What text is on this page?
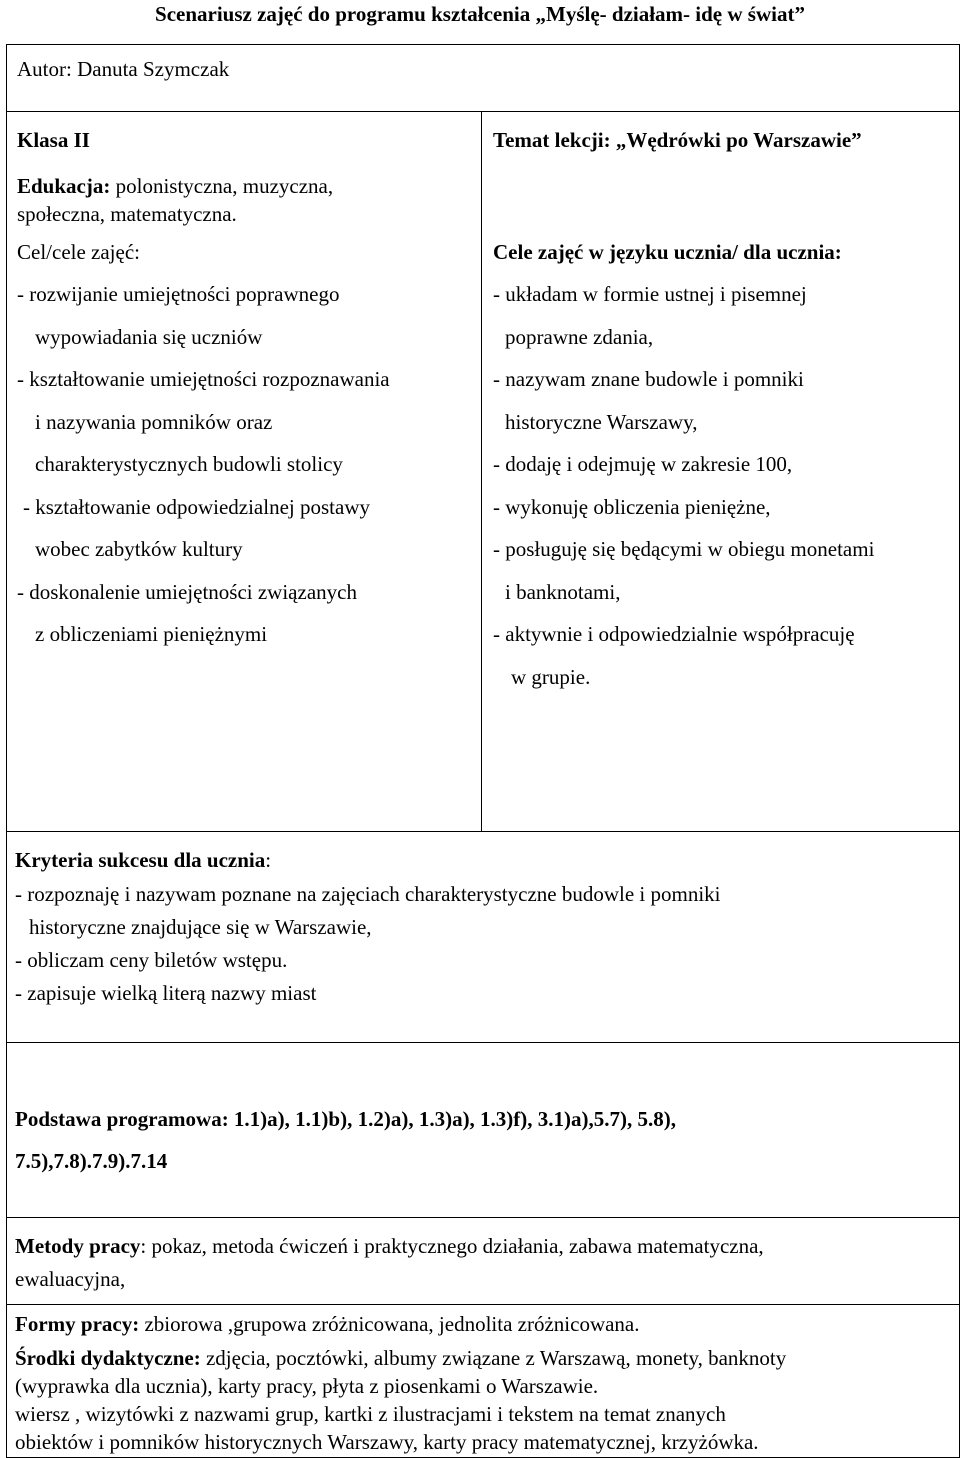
Scenariusz zajęć do programu kształcenia „Myślę- działam- idę w świat”
Autor: Danuta Szymczak
Klasa II
Edukacja: polonistyczna, muzyczna,
społeczna, matematyczna.
Cel/cele zajęć:
- rozwijanie umiejętności poprawnego
wypowiadania się uczniów
- kształtowanie umiejętności rozpoznawania
i nazywania pomników oraz
charakterystycznych budowli stolicy
- kształtowanie odpowiedzialnej postawy
wobec zabytków kultury
- doskonalenie umiejętności związanych
z obliczeniami pieniężnymi
Temat lekcji: „Wędrówki po Warszawie”
Cele zajęć w języku ucznia/ dla ucznia:
- układam w formie ustnej i pisemnej
poprawne zdania,
- nazywam znane budowle i pomniki
historyczne Warszawy,
- dodaję i odejmuję w zakresie 100,
- wykonuję obliczenia pieniężne,
- posługuję się będącymi w obiegu monetami
i banknotami,
- aktywnie i odpowiedzialnie współpracuję
w grupie.
Kryteria sukcesu dla ucznia:
- rozpoznaję i nazywam poznane na zajęciach charakterystyczne budowle i pomniki
historyczne znajdujące się w Warszawie,
- obliczam ceny biletów wstępu.
- zapisuje wielką literą nazwy miast
Podstawa programowa: 1.1)a), 1.1)b), 1.2)a), 1.3)a), 1.3)f), 3.1)a),5.7), 5.8),
7.5),7.8).7.9).7.14
Metody pracy: pokaz, metoda ćwiczeń i praktycznego działania, zabawa matematyczna,
ewaluacyjna,
Formy pracy: zbiorowa ,grupowa zróżnicowana, jednolita zróżnicowana.
Środki dydaktyczne: zdjęcia, pocztówki, albumy związane z Warszawą, monety, banknoty
(wyprawka dla ucznia), karty pracy, płyta z piosenkami o Warszawie.
wiersz , wizytówki z nazwami grup, kartki z ilustracjami i tekstem na temat znanych
obiektów i pomników historycznych Warszawy, karty pracy matematycznej, krzyżówka.
